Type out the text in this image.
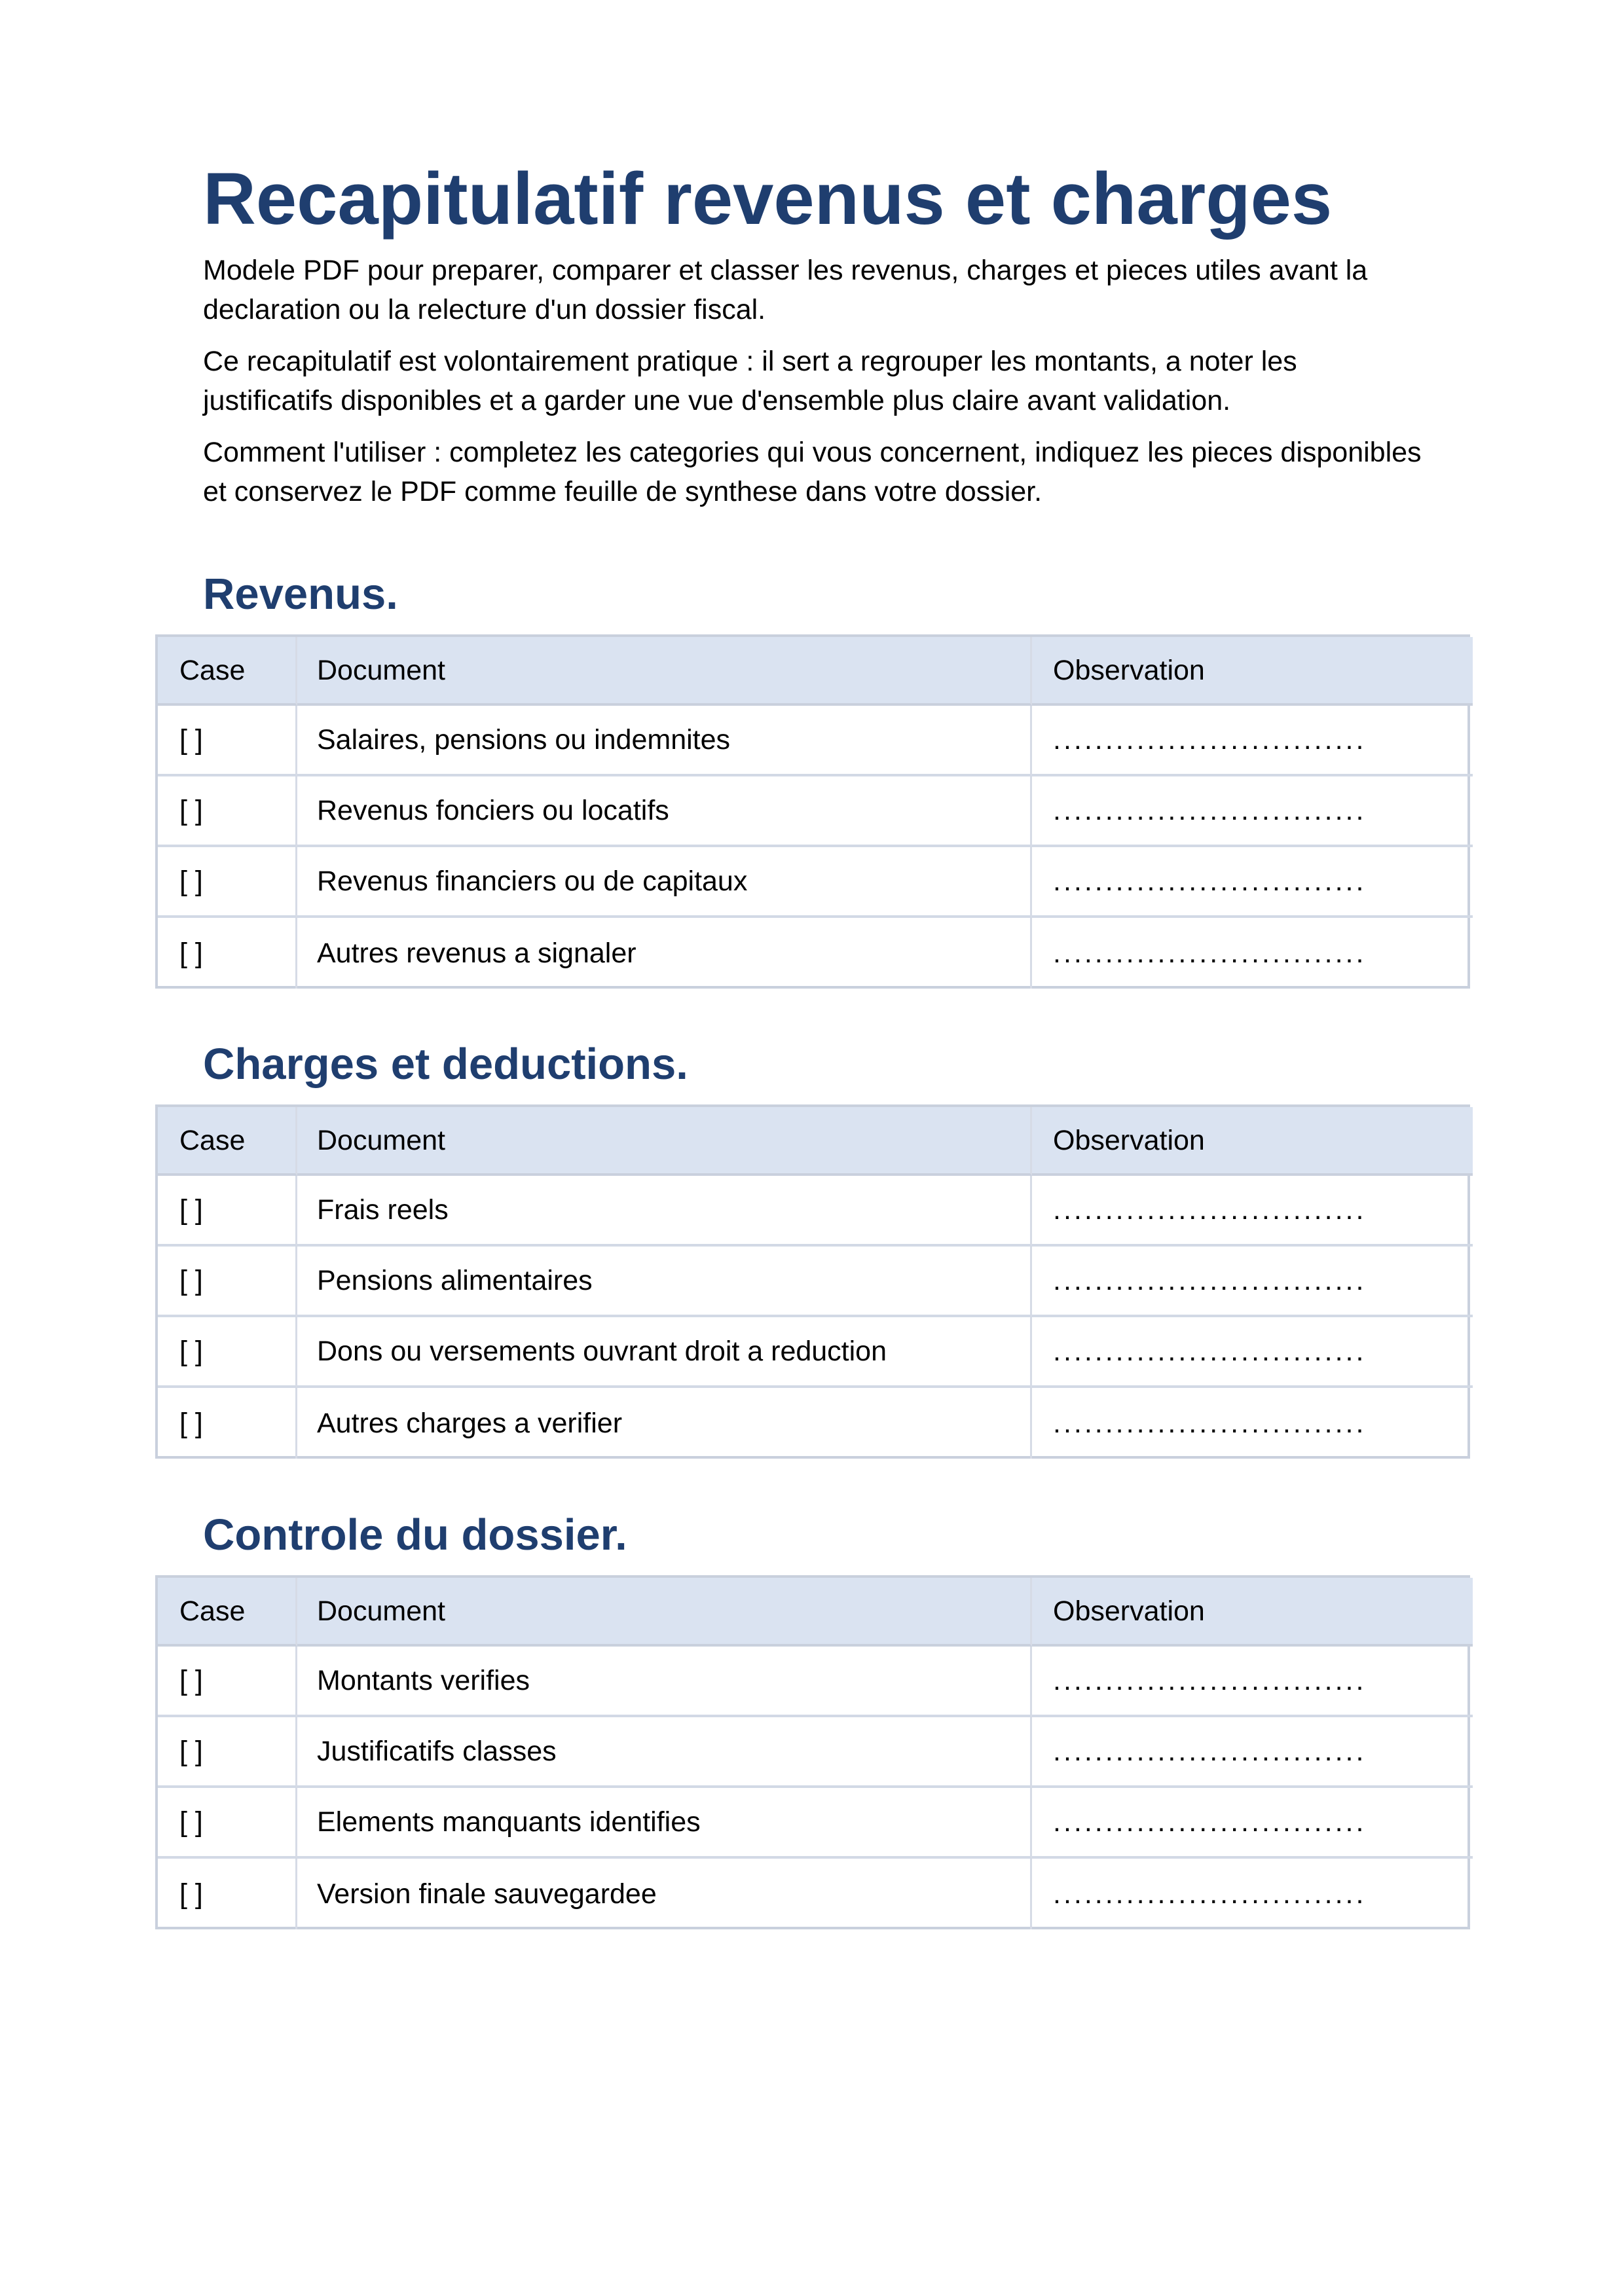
Recapitulatif revenus et charges

Modele PDF pour preparer, comparer et classer les revenus, charges et pieces utiles avant la declaration ou la relecture d'un dossier fiscal.

Ce recapitulatif est volontairement pratique : il sert a regrouper les montants, a noter les justificatifs disponibles et a garder une vue d'ensemble plus claire avant validation.

Comment l'utiliser : completez les categories qui vous concernent, indiquez les pieces disponibles et conservez le PDF comme feuille de synthese dans votre dossier.

Revenus.
Case	Document	Observation
[ ]	Salaires, pensions ou indemnites	..............................
[ ]	Revenus fonciers ou locatifs	..............................
[ ]	Revenus financiers ou de capitaux	..............................
[ ]	Autres revenus a signaler	..............................
Charges et deductions.
Case	Document	Observation
[ ]	Frais reels	..............................
[ ]	Pensions alimentaires	..............................
[ ]	Dons ou versements ouvrant droit a reduction	..............................
[ ]	Autres charges a verifier	..............................
Controle du dossier.
Case	Document	Observation
[ ]	Montants verifies	..............................
[ ]	Justificatifs classes	..............................
[ ]	Elements manquants identifies	..............................
[ ]	Version finale sauvegardee	..............................
